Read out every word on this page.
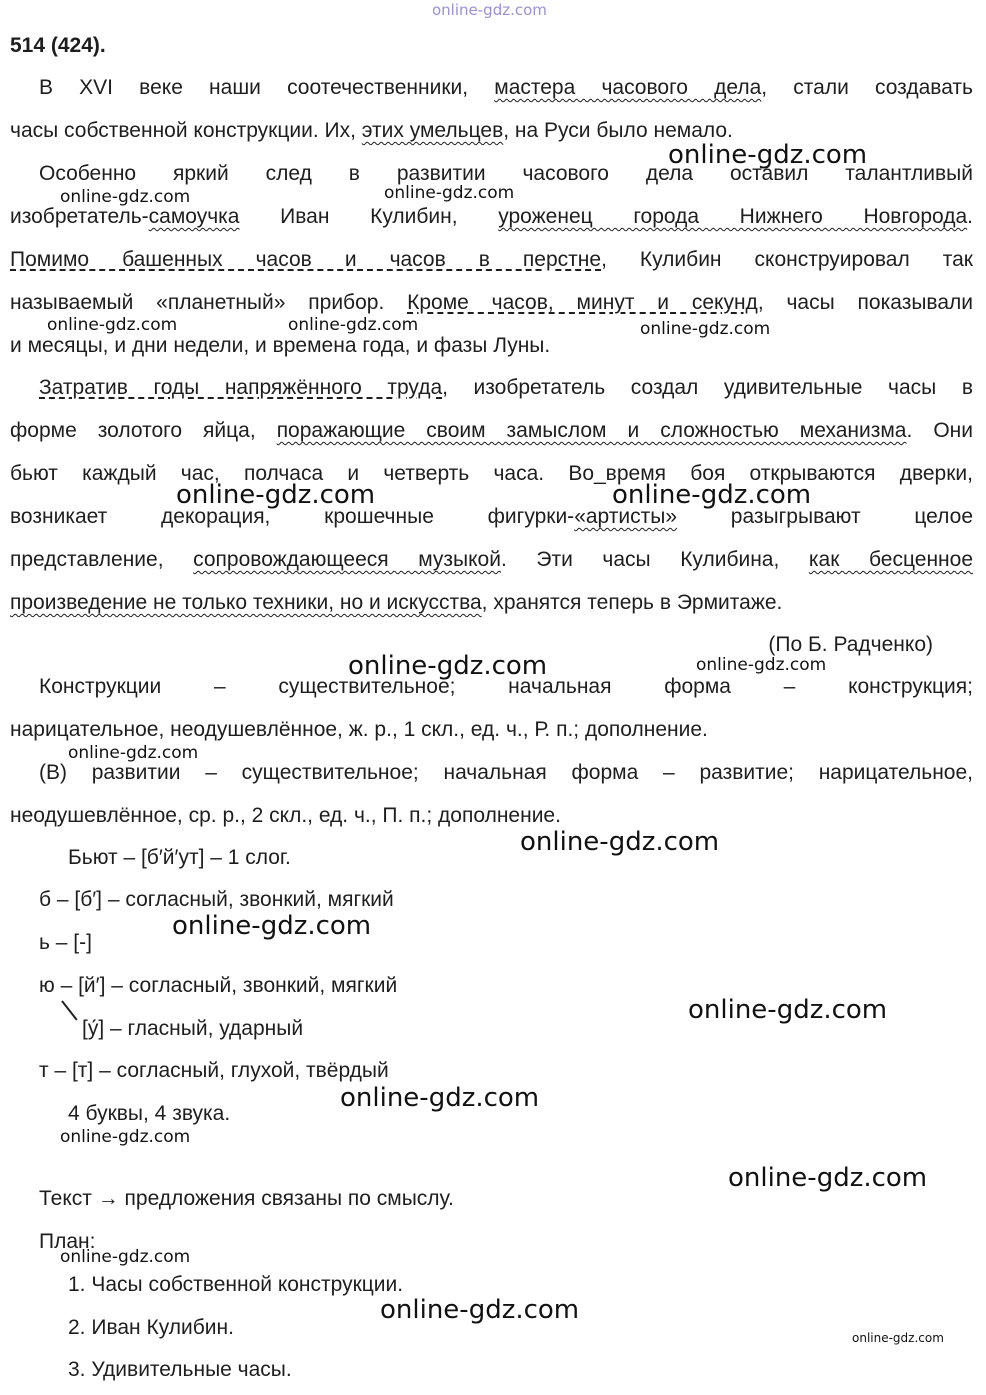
online-gdz.com
514 (424).
В XVI веке наши соотечественники, мастера часового дела, стали создавать
часы собственной конструкции. Их, этих умельцев, на Руси было немало.
Особенно яркий след в развитии часового дела оставил талантливый
изобретатель-самоучка Иван Кулибин, уроженец города Нижнего Новгорода.
Помимо башенных часов и часов в перстне, Кулибин сконструировал так
называемый «планетный» прибор. Кроме часов, минут и секунд, часы показывали
и месяцы, и дни недели, и времена года, и фазы Луны.
Затратив годы напряжённого труда, изобретатель создал удивительные часы в
форме золотого яйца, поражающие своим замыслом и сложностью механизма. Они
бьют каждый час, полчаса и четверть часа. Во_время боя открываются дверки,
возникает декорация, крошечные фигурки-«артисты» разыгрывают целое
представление, сопровождающееся музыкой. Эти часы Кулибина, как бесценное
произведение не только техники, но и искусства, хранятся теперь в Эрмитаже.
(По Б. Радченко)
Конструкции – существительное; начальная форма – конструкция;
нарицательное, неодушевлённое, ж. р., 1 скл., ед. ч., Р. п.; дополнение.
(В) развитии – существительное; начальная форма – развитие; нарицательное,
неодушевлённое, ср. р., 2 скл., ед. ч., П. п.; дополнение.
Бьют – [б′й′ут] – 1 слог.
б – [б′] – согласный, звонкий, мягкий
ь – [-]
ю – [й′] – согласный, звонкий, мягкий
[у́] – гласный, ударный
т – [т] – согласный, глухой, твёрдый
4 буквы, 4 звука.
Текст → предложения связаны по смыслу.
План:
1. Часы собственной конструкции.
2. Иван Кулибин.
3. Удивительные часы.
online-gdz.com
online-gdz.com	online-gdz.com
online-gdz.com	online-gdz.com	online-gdz.com
online-gdz.com	online-gdz.com
online-gdz.com	online-gdz.com
online-gdz.com
online-gdz.com
online-gdz.com
online-gdz.com
online-gdz.com
online-gdz.com
online-gdz.com
online-gdz.com
online-gdz.com
online-gdz.com
